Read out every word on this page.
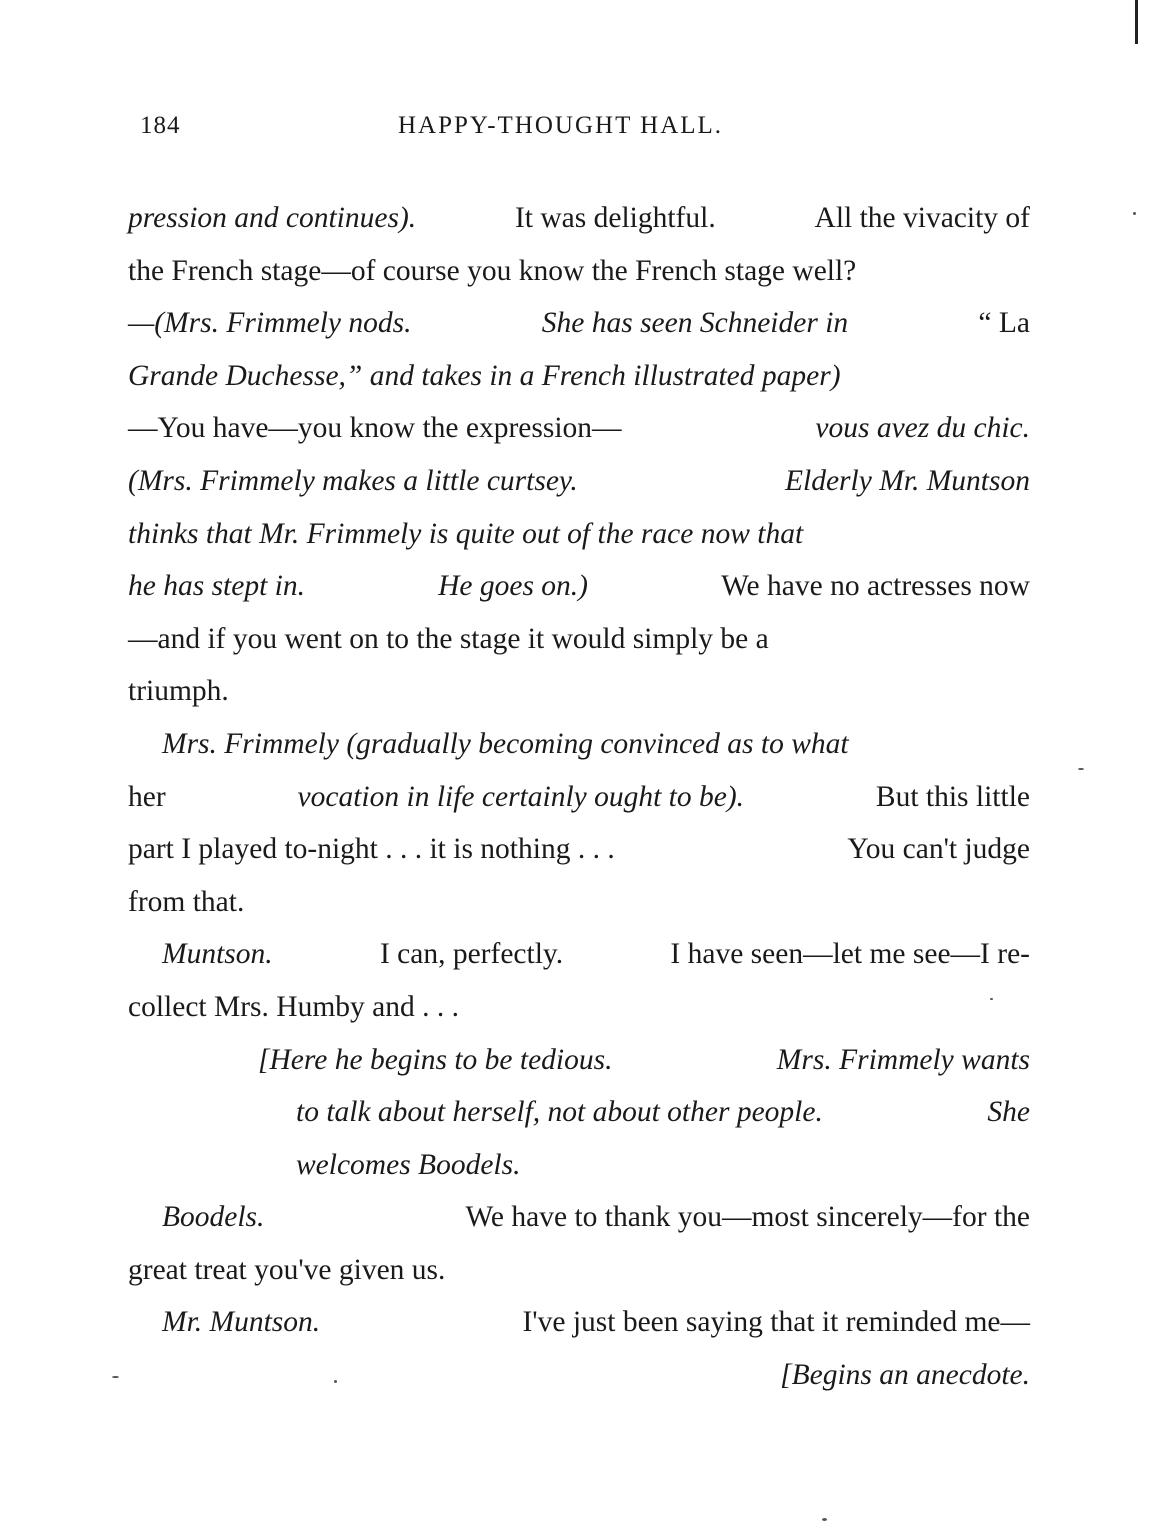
184	HAPPY-THOUGHT HALL.
pression and continues).	It was delightful.	All the vivacity of
the French stage—of course you know the French stage well?
—(Mrs. Frimmely nods.	She has seen Schneider in	“ La
Grande Duchesse,” and takes in a French illustrated paper)
—You have—you know the expression—	vous avez du chic.
(Mrs. Frimmely makes a little curtsey.	Elderly Mr. Muntson
thinks that Mr. Frimmely is quite out of the race now that
he has stept in.	He goes on.)	We have no actresses now
—and if you went on to the stage it would simply be a
triumph.
Mrs. Frimmely (gradually becoming convinced as to what
her	vocation in life certainly ought to be).	But this little
part I played to-night . . . it is nothing . . .	You can't judge
from that.
Muntson.	I can, perfectly.	I have seen—let me see—I re-
collect Mrs. Humby and . . .
[Here he begins to be tedious.	Mrs. Frimmely wants
to talk about herself, not about other people.	She
welcomes Boodels.
Boodels.	We have to thank you—most sincerely—for the
great treat you've given us.
Mr. Muntson.	I've just been saying that it reminded me—
[Begins an anecdote.
